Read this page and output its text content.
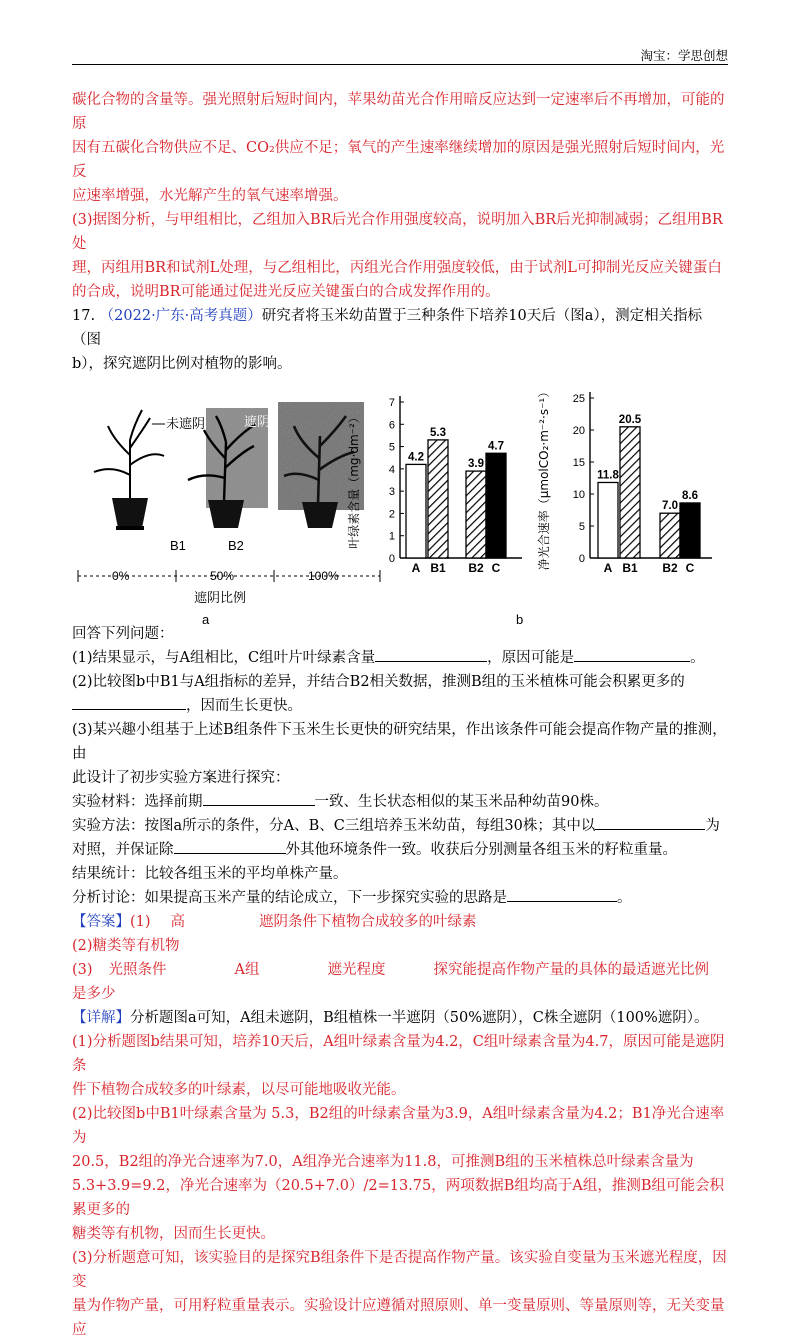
淘宝：学思创想

碳化合物的含量等。强光照射后短时间内，苹果幼苗光合作用暗反应达到一定速率后不再增加，可能的原

因有五碳化合物供应不足、CO₂供应不足；氧气的产生速率继续增加的原因是强光照射后短时间内，光反

应速率增强，水光解产生的氧气速率增强。

(3)据图分析，与甲组相比，乙组加入BR后光合作用强度较高，说明加入BR后光抑制减弱；乙组用BR处

理，丙组用BR和试剂L处理，与乙组相比，丙组光合作用强度较低，由于试剂L可抑制光反应关键蛋白

的合成，说明BR可能通过促进光反应关键蛋白的合成发挥作用的。

17. （2022·广东·高考真题）研究者将玉米幼苗置于三种条件下培养10天后（图a），测定相关指标（图

b），探究遮阴比例对植物的影响。

未遮阴	遮阴
B1	B2
0%	50%	100%
遮阴比例
a
0
1
2
3
4
5
6
7
叶绿素含量（mg·dm⁻²）	4.2
A
5.3
B1
3.9
B2
4.7
C
0
5
10
15
20
25
净光合速率（μmolCO₂·m⁻²·s⁻¹）	11.8
A
20.5
B1
7.0
B2
8.6
C
b

回答下列问题：

(1)结果显示，与A组相比，C组叶片叶绿素含量	，原因可能是	。

(2)比较图b中B1与A组指标的差异，并结合B2相关数据，推测B组的玉米植株可能会积累更多的

，因而生长更快。

(3)某兴趣小组基于上述B组条件下玉米生长更快的研究结果，作出该条件可能会提高作物产量的推测，由

此设计了初步实验方案进行探究：

实验材料：选择前期	一致、生长状态相似的某玉米品种幼苗90株。

实验方法：按图a所示的条件，分A、B、C三组培养玉米幼苗，每组30株；其中以	为

对照，并保证除	外其他环境条件一致。收获后分别测量各组玉米的籽粒重量。

结果统计：比较各组玉米的平均单株产量。

分析讨论：如果提高玉米产量的结论成立，下一步探究实验的思路是	。

【答案】(1) 高	遮阴条件下植物合成较多的叶绿素

(2)糖类等有机物

(3) 光照条件	A组	遮光程度	探究能提高作物产量的具体的最适遮光比例

是多少

【详解】分析题图a可知，A组未遮阴，B组植株一半遮阴（50%遮阴），C株全遮阴（100%遮阴）。

(1)分析题图b结果可知，培养10天后，A组叶绿素含量为4.2，C组叶绿素含量为4.7，原因可能是遮阴条

件下植物合成较多的叶绿素，以尽可能地吸收光能。

(2)比较图b中B1叶绿素含量为 5.3，B2组的叶绿素含量为3.9，A组叶绿素含量为4.2；B1净光合速率为

20.5，B2组的净光合速率为7.0，A组净光合速率为11.8，可推测B组的玉米植株总叶绿素含量为

5.3+3.9=9.2，净光合速率为（20.5+7.0）/2=13.75，两项数据B组均高于A组，推测B组可能会积累更多的

糖类等有机物，因而生长更快。

(3)分析题意可知，该实验目的是探究B组条件下是否提高作物产量。该实验自变量为玉米遮光程度，因变

量为作物产量，可用籽粒重量表示。实验设计应遵循对照原则、单一变量原则、等量原则等，无关变量应
